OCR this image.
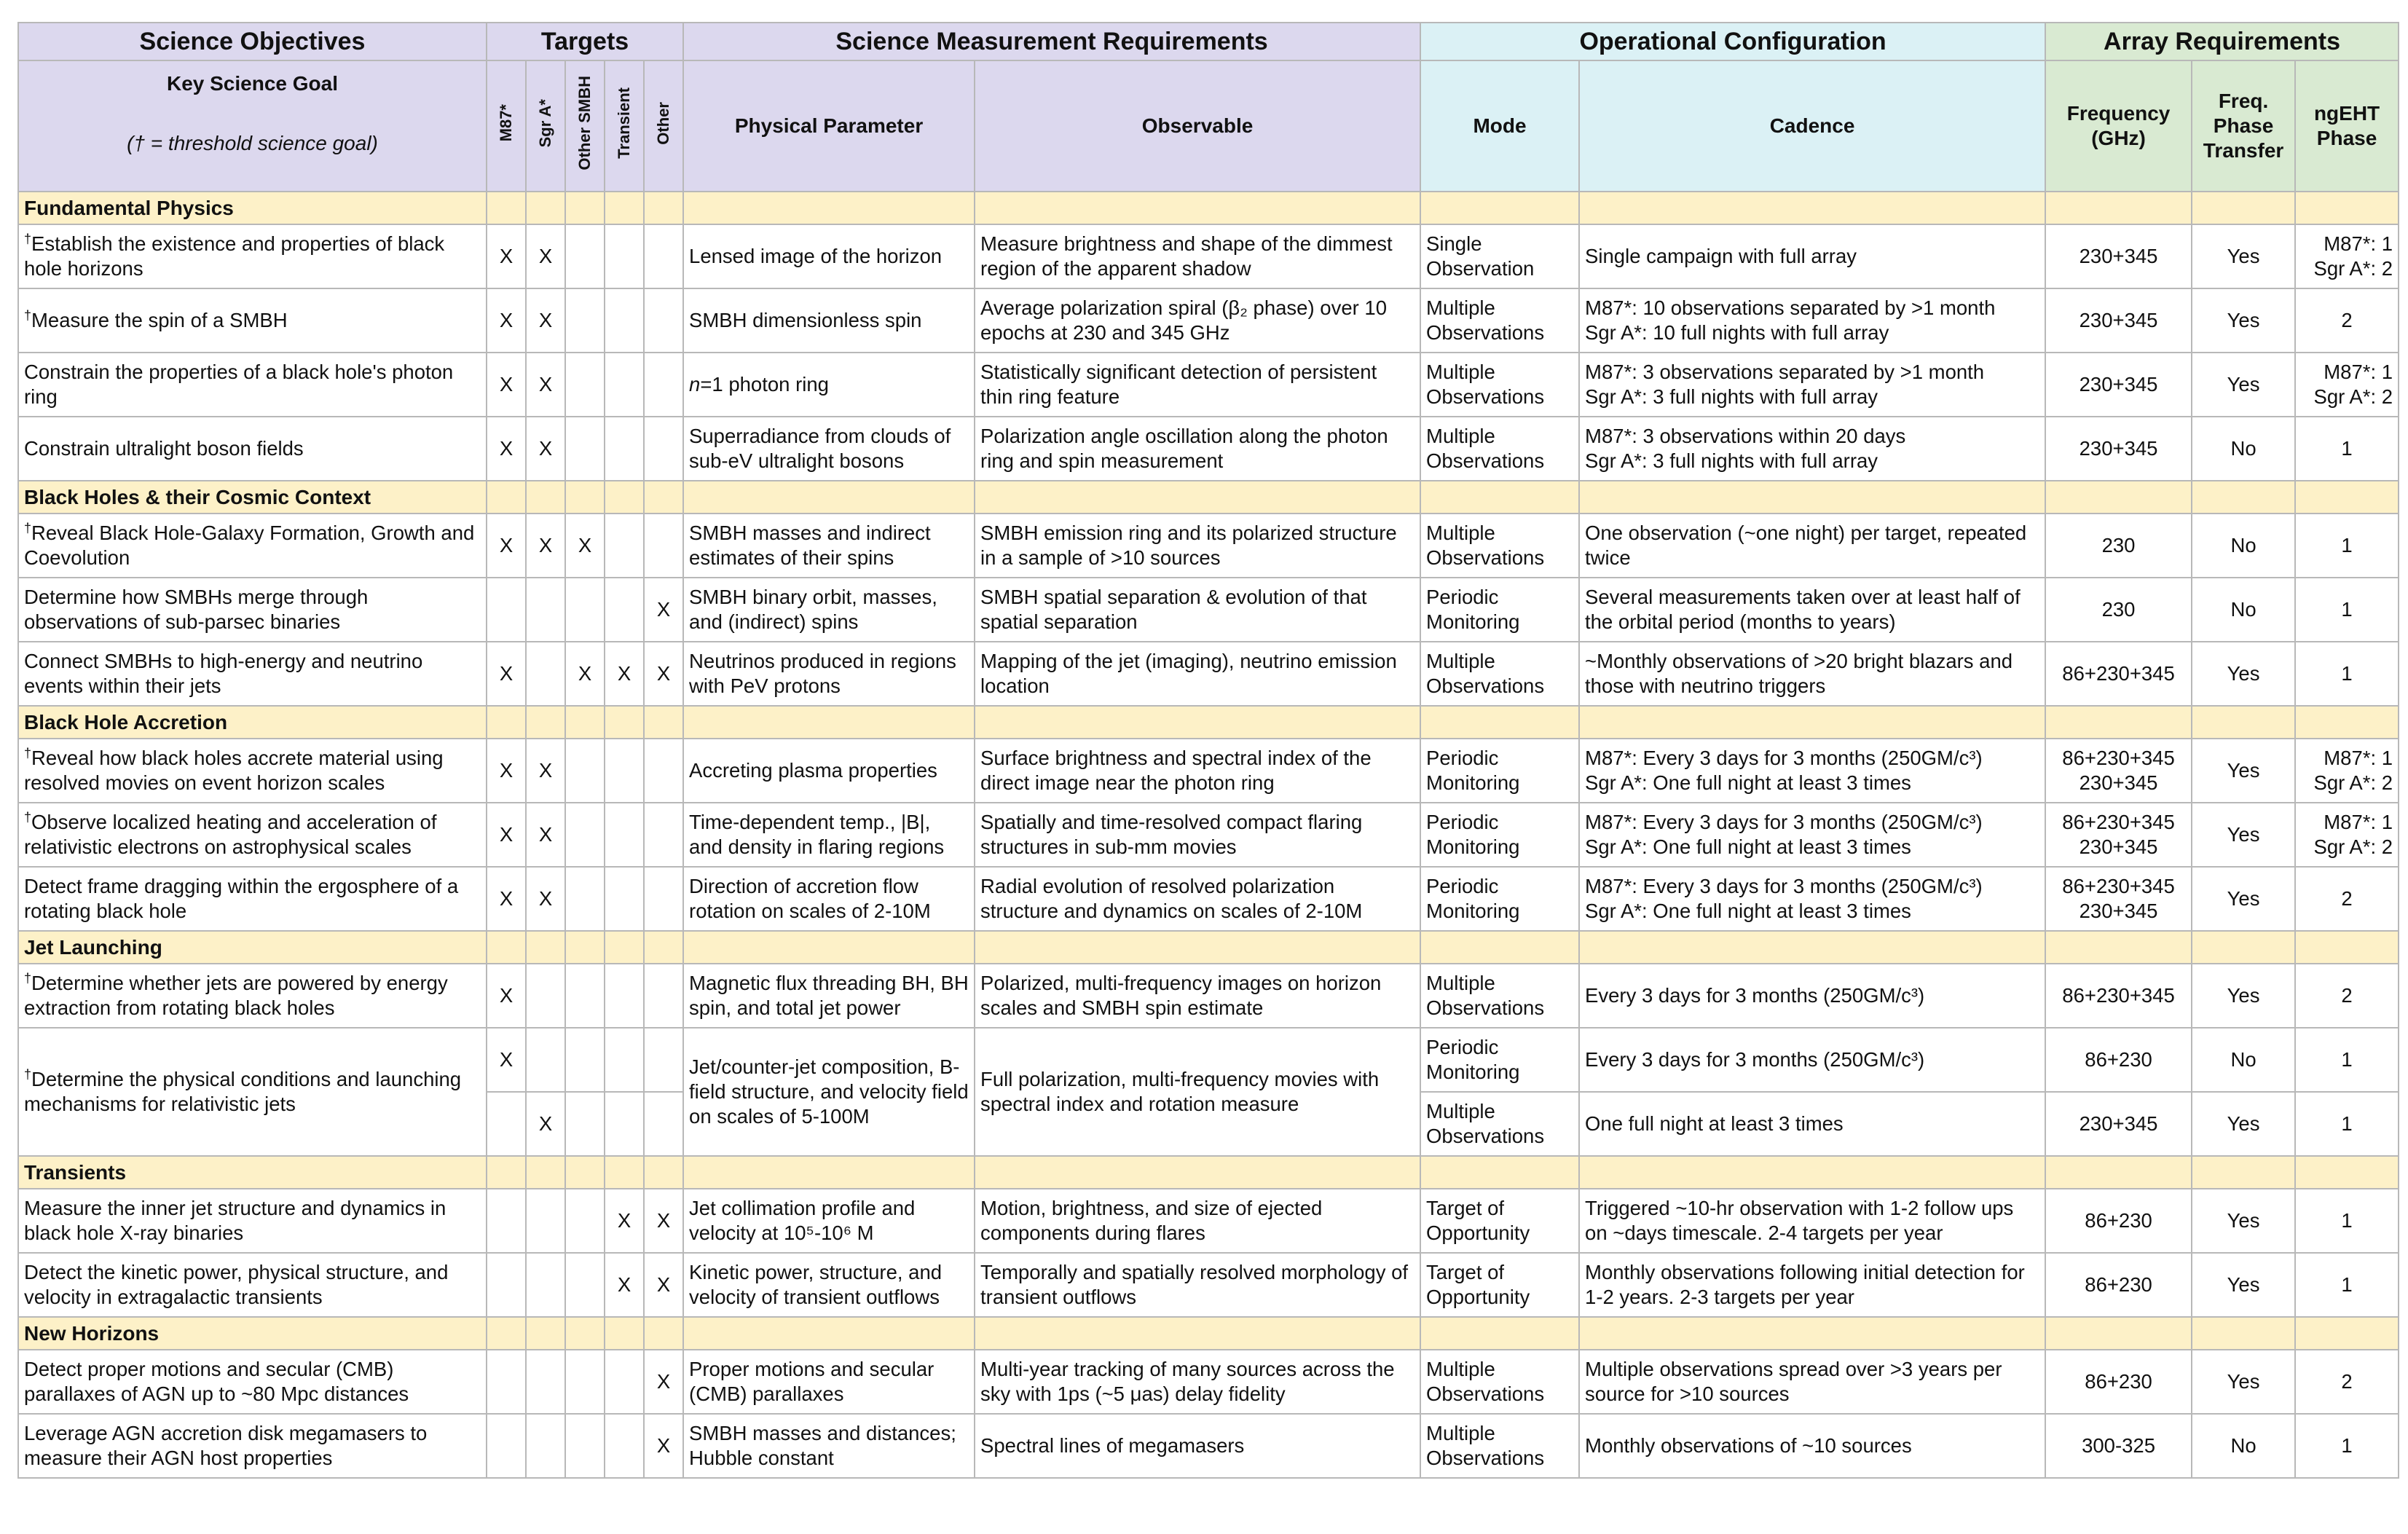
Science Objectives	Targets					Science Measurement Requirements		Operational Configuration		Array Requirements		
Key Science Goal
(† = threshold science goal)	M87*	Sgr A*	Other SMBH	Transient	Other	Physical Parameter	Observable	Mode	Cadence	Frequency
(GHz)	Freq.
Phase
Transfer	ngEHT
Phase
Fundamental Physics												
†Establish the existence and properties of black hole horizons	X	X				Lensed image of the horizon	Measure brightness and shape of the dimmest region of the apparent shadow	Single
Observation	Single campaign with full array	230+345	Yes	M87*: 1
Sgr A*: 2
†Measure the spin of a SMBH	X	X				SMBH dimensionless spin	Average polarization spiral (β₂ phase) over 10 epochs at 230 and 345 GHz	Multiple
Observations	M87*: 10 observations separated by >1 month
Sgr A*: 10 full nights with full array	230+345	Yes	2
Constrain the properties of a black hole's photon ring	X	X				n=1 photon ring	Statistically significant detection of persistent thin ring feature	Multiple
Observations	M87*: 3 observations separated by >1 month
Sgr A*: 3 full nights with full array	230+345	Yes	M87*: 1
Sgr A*: 2
Constrain ultralight boson fields	X	X				Superradiance from clouds of sub-eV ultralight bosons	Polarization angle oscillation along the photon ring and spin measurement	Multiple
Observations	M87*: 3 observations within 20 days
Sgr A*: 3 full nights with full array	230+345	No	1
Black Holes & their Cosmic Context												
†Reveal Black Hole-Galaxy Formation, Growth and Coevolution	X	X	X			SMBH masses and indirect estimates of their spins	SMBH emission ring and its polarized structure in a sample of >10 sources	Multiple
Observations	One observation (~one night) per target, repeated twice	230	No	1
Determine how SMBHs merge through observations of sub-parsec binaries					X	SMBH binary orbit, masses, and (indirect) spins	SMBH spatial separation & evolution of that spatial separation	Periodic
Monitoring	Several measurements taken over at least half of the orbital period (months to years)	230	No	1
Connect SMBHs to high-energy and neutrino events within their jets	X		X	X	X	Neutrinos produced in regions with PeV protons	Mapping of the jet (imaging), neutrino emission location	Multiple
Observations	~Monthly observations of >20 bright blazars and those with neutrino triggers	86+230+345	Yes	1
Black Hole Accretion												
†Reveal how black holes accrete material using resolved movies on event horizon scales	X	X				Accreting plasma properties	Surface brightness and spectral index of the direct image near the photon ring	Periodic
Monitoring	M87*: Every 3 days for 3 months (250GM/c³)
Sgr A*: One full night at least 3 times	86+230+345
230+345	Yes	M87*: 1
Sgr A*: 2
†Observe localized heating and acceleration of relativistic electrons on astrophysical scales	X	X				Time-dependent temp., |B|, and density in flaring regions	Spatially and time-resolved compact flaring structures in sub-mm movies	Periodic
Monitoring	M87*: Every 3 days for 3 months (250GM/c³)
Sgr A*: One full night at least 3 times	86+230+345
230+345	Yes	M87*: 1
Sgr A*: 2
Detect frame dragging within the ergosphere of a rotating black hole	X	X				Direction of accretion flow rotation on scales of 2-10M	Radial evolution of resolved polarization structure and dynamics on scales of 2-10M	Periodic
Monitoring	M87*: Every 3 days for 3 months (250GM/c³)
Sgr A*: One full night at least 3 times	86+230+345
230+345	Yes	2
Jet Launching												
†Determine whether jets are powered by energy extraction from rotating black holes	X					Magnetic flux threading BH, BH spin, and total jet power	Polarized, multi-frequency images on horizon scales and SMBH spin estimate	Multiple
Observations	Every 3 days for 3 months (250GM/c³)	86+230+345	Yes	2
†Determine the physical conditions and launching mechanisms for relativistic jets	X					Jet/counter-jet composition, B-field structure, and velocity field on scales of 5-100M	Full polarization, multi-frequency movies with spectral index and rotation measure	Periodic
Monitoring	Every 3 days for 3 months (250GM/c³)	86+230	No	1
		X						Multiple
Observations	One full night at least 3 times	230+345	Yes	1
Transients												
Measure the inner jet structure and dynamics in black hole X-ray binaries				X	X	Jet collimation profile and velocity at 10⁵-10⁶ M	Motion, brightness, and size of ejected components during flares	Target of
Opportunity	Triggered ~10-hr observation with 1-2 follow ups on ~days timescale. 2-4 targets per year	86+230	Yes	1
Detect the kinetic power, physical structure, and velocity in extragalactic transients				X	X	Kinetic power, structure, and velocity of transient outflows	Temporally and spatially resolved morphology of transient outflows	Target of
Opportunity	Monthly observations following initial detection for 1-2 years. 2-3 targets per year	86+230	Yes	1
New Horizons												
Detect proper motions and secular (CMB) parallaxes of AGN up to ~80 Mpc distances					X	Proper motions and secular (CMB) parallaxes	Multi-year tracking of many sources across the sky with 1ps (~5 μas) delay fidelity	Multiple
Observations	Multiple observations spread over >3 years per source for >10 sources	86+230	Yes	2
Leverage AGN accretion disk megamasers to measure their AGN host properties					X	SMBH masses and distances; Hubble constant	Spectral lines of megamasers	Multiple
Observations	Monthly observations of ~10 sources	300-325	No	1
